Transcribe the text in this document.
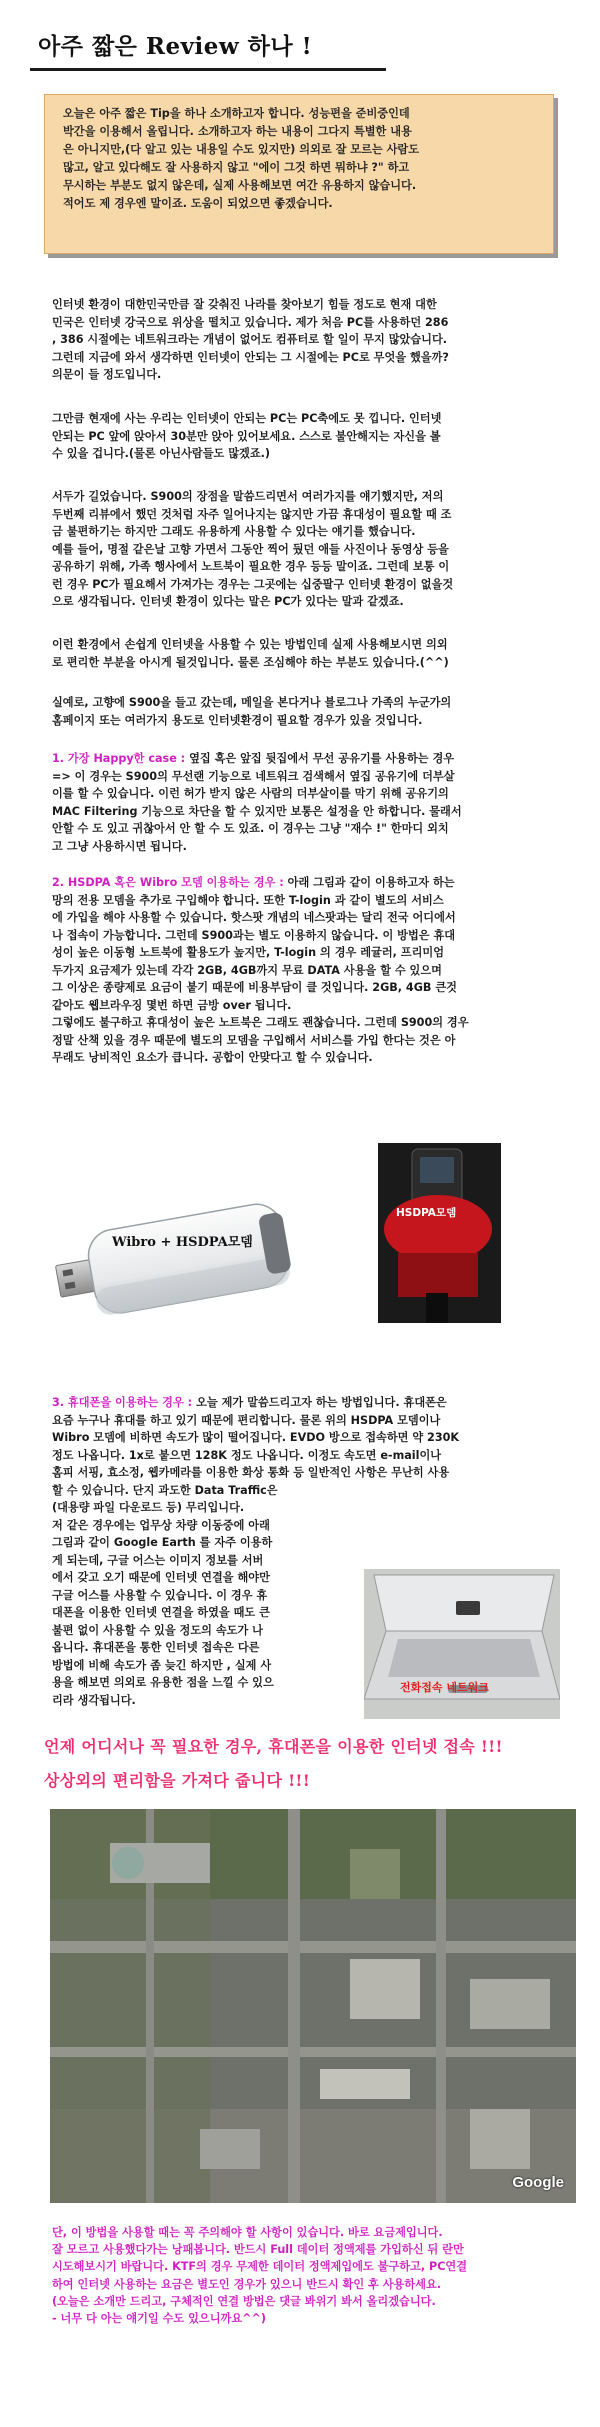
아주 짧은 Review 하나 !
오늘은 아주 짧은 Tip을 하나 소개하고자 합니다. 성능편을 준비중인데
박간을 이용해서 올립니다. 소개하고자 하는 내용이 그다지 특별한 내용
은 아니지만,(다 알고 있는 내용일 수도 있지만) 의외로 잘 모르는 사람도
많고, 알고 있다해도 잘 사용하지 않고 "에이 그것 하면 뭐하냐 ?" 하고
무시하는 부분도 없지 않은데, 실제 사용해보면 여간 유용하지 않습니다.
적어도 제 경우엔 말이죠. 도움이 되었으면 좋겠습니다.
인터넷 환경이 대한민국만큼 잘 갖춰진 나라를 찾아보기 힘들 정도로 현재 대한
민국은 인터넷 강국으로 위상을 떨치고 있습니다. 제가 처음 PC를 사용하던 286
, 386 시절에는 네트워크라는 개념이 없어도 컴퓨터로 할 일이 무지 많았습니다.
그런데 지금에 와서 생각하면 인터넷이 안되는 그 시절에는 PC로 무엇을 했을까?
의문이 들 정도입니다.
그만큼 현재에 사는 우리는 인터넷이 안되는 PC는 PC축에도 못 낍니다. 인터넷
안되는 PC 앞에 앉아서 30분만 앉아 있어보세요. 스스로 불안해지는 자신을 볼
수 있을 겁니다.(물론 아닌사람들도 많겠죠.)
서두가 길었습니다. S900의 장점을 말씀드리면서 여러가지를 얘기했지만, 저의
두번째 리뷰에서 했던 것처럼 자주 일어나지는 않지만 가끔 휴대성이 필요할 때 조
금 불편하기는 하지만 그래도 유용하게 사용할 수 있다는 얘기를 했습니다.
예를 들어, 명절 같은날 고향 가면서 그동안 찍어 뒀던 애들 사진이나 동영상 등을
공유하기 위해, 가족 행사에서 노트북이 필요한 경우 등등 말이죠. 그런데 보통 이
런 경우 PC가 필요해서 가져가는 경우는 그곳에는 십중팔구 인터넷 환경이 없을것
으로 생각됩니다. 인터넷 환경이 있다는 말은 PC가 있다는 말과 같겠죠.
이런 환경에서 손쉽게 인터넷을 사용할 수 있는 방법인데 실제 사용해보시면 의외
로 편리한 부분을 아시게 될것입니다. 물론 조심해야 하는 부분도 있습니다.(^^)
실예로, 고향에 S900을 들고 갔는데, 메일을 본다거나 블로그나 가족의 누군가의
홈페이지 또는 여러가지 용도로 인터넷환경이 필요할 경우가 있을 것입니다.
1. 가장 Happy한 case : 옆집 혹은 앞집 뒷집에서 무선 공유기를 사용하는 경우
=> 이 경우는 S900의 무선랜 기능으로 네트워크 검색해서 옆집 공유기에 더부살
이를 할 수 있습니다. 이런 허가 받지 않은 사람의 더부살이를 막기 위해 공유기의
MAC Filtering 기능으로 차단을 할 수 있지만 보통은 설정을 안 하합니다. 물래서
안할 수 도 있고 귀찮아서 안 할 수 도 있죠. 이 경우는 그냥 "재수 !" 한마디 외치
고 그냥 사용하시면 됩니다.
2. HSDPA 혹은 Wibro 모뎀 이용하는 경우 : 아래 그림과 같이 이용하고자 하는
망의 전용 모뎀을 추가로 구입해야 합니다. 또한 T-login 과 같이 별도의 서비스
에 가입을 해야 사용할 수 있습니다. 핫스팟 개념의 네스팟과는 달리 전국 어디에서
나 접속이 가능합니다. 그런데 S900과는 별도 이용하지 않습니다. 이 방법은 휴대
성이 높은 이동형 노트북에 활용도가 높지만, T-login 의 경우 레귤러, 프리미엄
두가지 요금제가 있는데 각각 2GB, 4GB까지 무료 DATA 사용을 할 수 있으며
그 이상은 종량제로 요금이 붙기 때문에 비용부담이 클 것입니다. 2GB, 4GB 큰것
같아도 웹브라우징 몇번 하면 금방 over 됩니다.
그렇에도 불구하고 휴대성이 높은 노트북은 그래도 괜찮습니다. 그런데 S900의 경우
정말 산책 있을 경우 때문에 별도의 모뎀을 구입해서 서비스를 가입 한다는 것은 아
무래도 낭비적인 요소가 큽니다. 공합이 안맞다고 할 수 있습니다.
Wibro + HSDPA모뎀
HSDPA모뎀
3. 휴대폰을 이용하는 경우 : 오늘 제가 말씀드리고자 하는 방법입니다. 휴대폰은
요즘 누구나 휴대를 하고 있기 때문에 편리합니다. 물론 위의 HSDPA 모뎀이나
Wibro 모뎀에 비하면 속도가 많이 떨어집니다. EVDO 방으로 접속하면 약 230K
정도 나옵니다. 1x로 붙으면 128K 정도 나옵니다. 이정도 속도면 e-mail이나
홈피 서핑, 효소정, 웹카메라를 이용한 화상 통화 등 일반적인 사항은 무난히 사용
할 수 있습니다. 단지 과도한 Data Traffic은
(대용량 파일 다운로드 등) 무리입니다.
저 같은 경우에는 업무상 차량 이동중에 아래
그림과 같이 Google Earth 를 자주 이용하
게 되는데, 구글 어스는 이미지 정보를 서버
에서 갖고 오기 때문에 인터넷 연결을 해야만
구글 어스를 사용할 수 있습니다. 이 경우 휴
대폰을 이용한 인터넷 연결을 하였을 때도 큰
불편 없이 사용할 수 있을 정도의 속도가 나
옵니다. 휴대폰을 통한 인터넷 접속은 다른
방법에 비해 속도가 좀 늦긴 하지만 , 실제 사
용을 해보면 의외로 유용한 점을 느낄 수 있으
리라 생각됩니다.
전화접속 네트워크
언제 어디서나 꼭 필요한 경우, 휴대폰을 이용한 인터넷 접속 !!!
상상외의 편리함을 가져다 줍니다 !!!
Google
단, 이 방법을 사용할 때는 꼭 주의해야 할 사항이 있습니다. 바로 요금제입니다.
잘 모르고 사용했다가는 낭패봅니다. 반드시 Full 데이터 정액제를 가입하신 뒤 란만
시도해보시기 바랍니다. KTF의 경우 무제한 데이터 정액제입에도 불구하고, PC연결
하여 인터넷 사용하는 요금은 별도인 경우가 있으니 반드시 확인 후 사용하세요.
(오늘은 소개만 드리고, 구체적인 연결 방법은 댓글 봐위기 봐서 올리겠습니다.
- 너무 다 아는 얘기일 수도 있으니까요^^)
